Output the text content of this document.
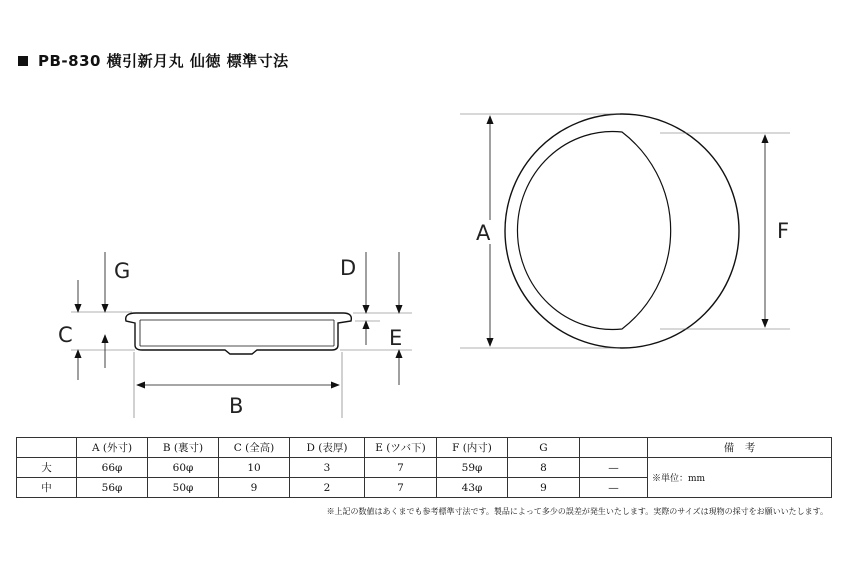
PB-830 横引新月丸 仙徳 標準寸法
A	F
C
G
B
D
E
	A (外寸)	B (裏寸)	C (全高)	D (表厚)	E (ツバ下)	F (内寸)	G		備　考
大	66φ	60φ	10	3	7	59φ	8	—	※単位：mm
中	56φ	50φ	9	2	7	43φ	9	—	
※上記の数値はあくまでも参考標準寸法です。製品によって多少の誤差が発生いたします。実際のサイズは現物の採寸をお願いいたします。
